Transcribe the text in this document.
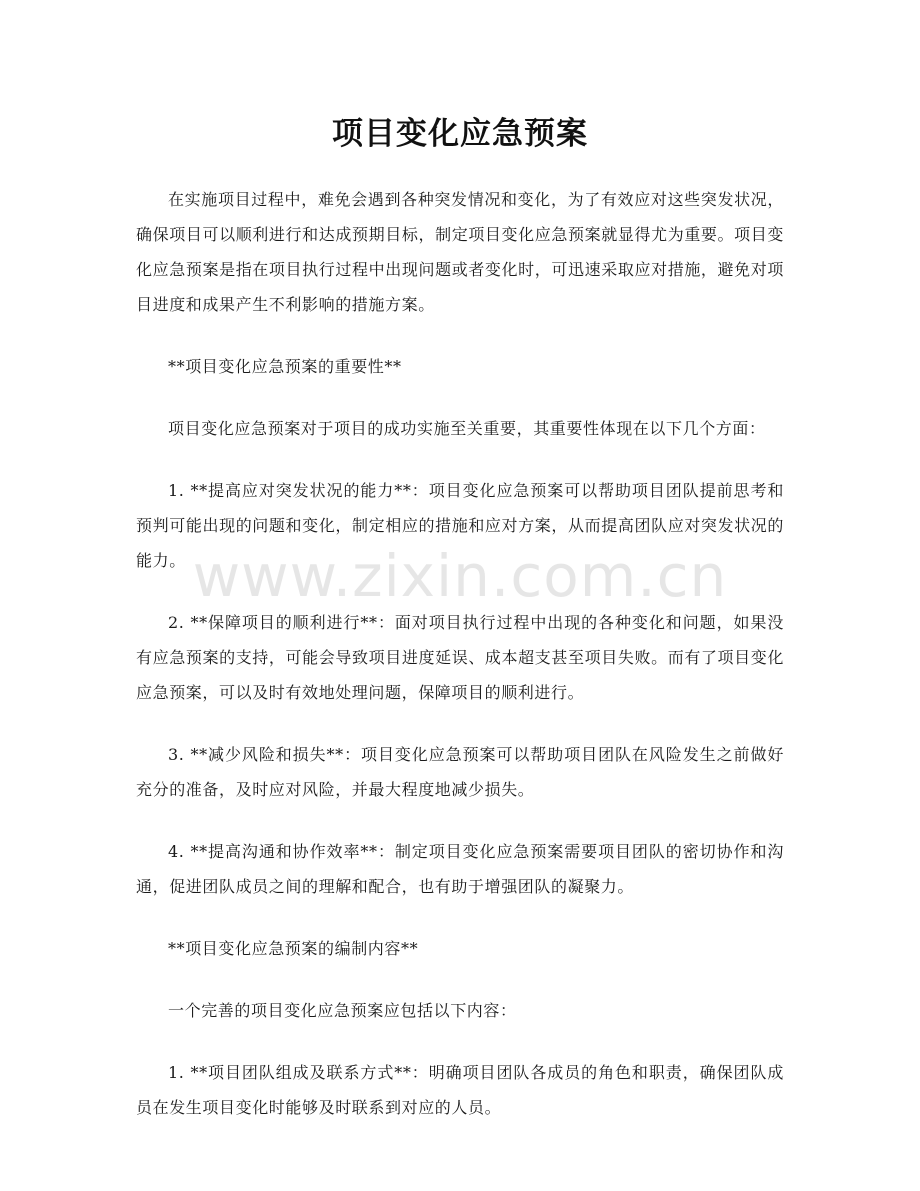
项目变化应急预案

在实施项目过程中，难免会遇到各种突发情况和变化，为了有效应对这些突发状况，确保项目可以顺利进行和达成预期目标，制定项目变化应急预案就显得尤为重要。项目变化应急预案是指在项目执行过程中出现问题或者变化时，可迅速采取应对措施，避免对项目进度和成果产生不利影响的措施方案。

**项目变化应急预案的重要性**

项目变化应急预案对于项目的成功实施至关重要，其重要性体现在以下几个方面：

1. **提高应对突发状况的能力**：项目变化应急预案可以帮助项目团队提前思考和预判可能出现的问题和变化，制定相应的措施和应对方案，从而提高团队应对突发状况的能力。

2. **保障项目的顺利进行**：面对项目执行过程中出现的各种变化和问题，如果没有应急预案的支持，可能会导致项目进度延误、成本超支甚至项目失败。而有了项目变化应急预案，可以及时有效地处理问题，保障项目的顺利进行。

3. **减少风险和损失**：项目变化应急预案可以帮助项目团队在风险发生之前做好充分的准备，及时应对风险，并最大程度地减少损失。

4. **提高沟通和协作效率**：制定项目变化应急预案需要项目团队的密切协作和沟通，促进团队成员之间的理解和配合，也有助于增强团队的凝聚力。

**项目变化应急预案的编制内容**

一个完善的项目变化应急预案应包括以下内容：

1. **项目团队组成及联系方式**：明确项目团队各成员的角色和职责，确保团队成员在发生项目变化时能够及时联系到对应的人员。

www.zixin.com.cn
